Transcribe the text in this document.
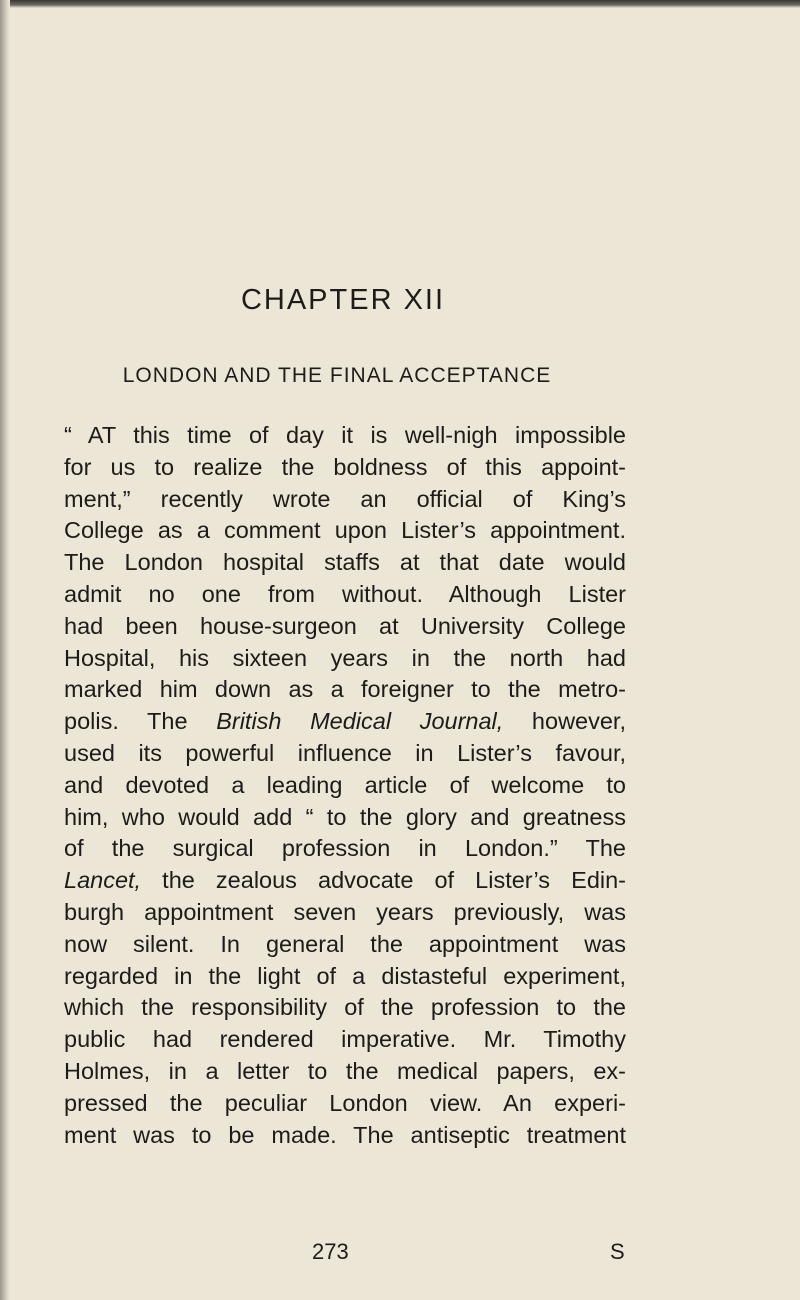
CHAPTER XII
LONDON AND THE FINAL ACCEPTANCE
“ AT this time of day it is well-nigh impossible
for us to realize the boldness of this appoint-
ment,” recently wrote an official of King’s
College as a comment upon Lister’s appointment.
The London hospital staffs at that date would
admit no one from without. Although Lister
had been house-surgeon at University College
Hospital, his sixteen years in the north had
marked him down as a foreigner to the metro-
polis. The British Medical Journal, however,
used its powerful influence in Lister’s favour,
and devoted a leading article of welcome to
him, who would add “ to the glory and greatness
of the surgical profession in London.” The
Lancet, the zealous advocate of Lister’s Edin-
burgh appointment seven years previously, was
now silent. In general the appointment was
regarded in the light of a distasteful experiment,
which the responsibility of the profession to the
public had rendered imperative. Mr. Timothy
Holmes, in a letter to the medical papers, ex-
pressed the peculiar London view. An experi-
ment was to be made. The antiseptic treatment
273	S
